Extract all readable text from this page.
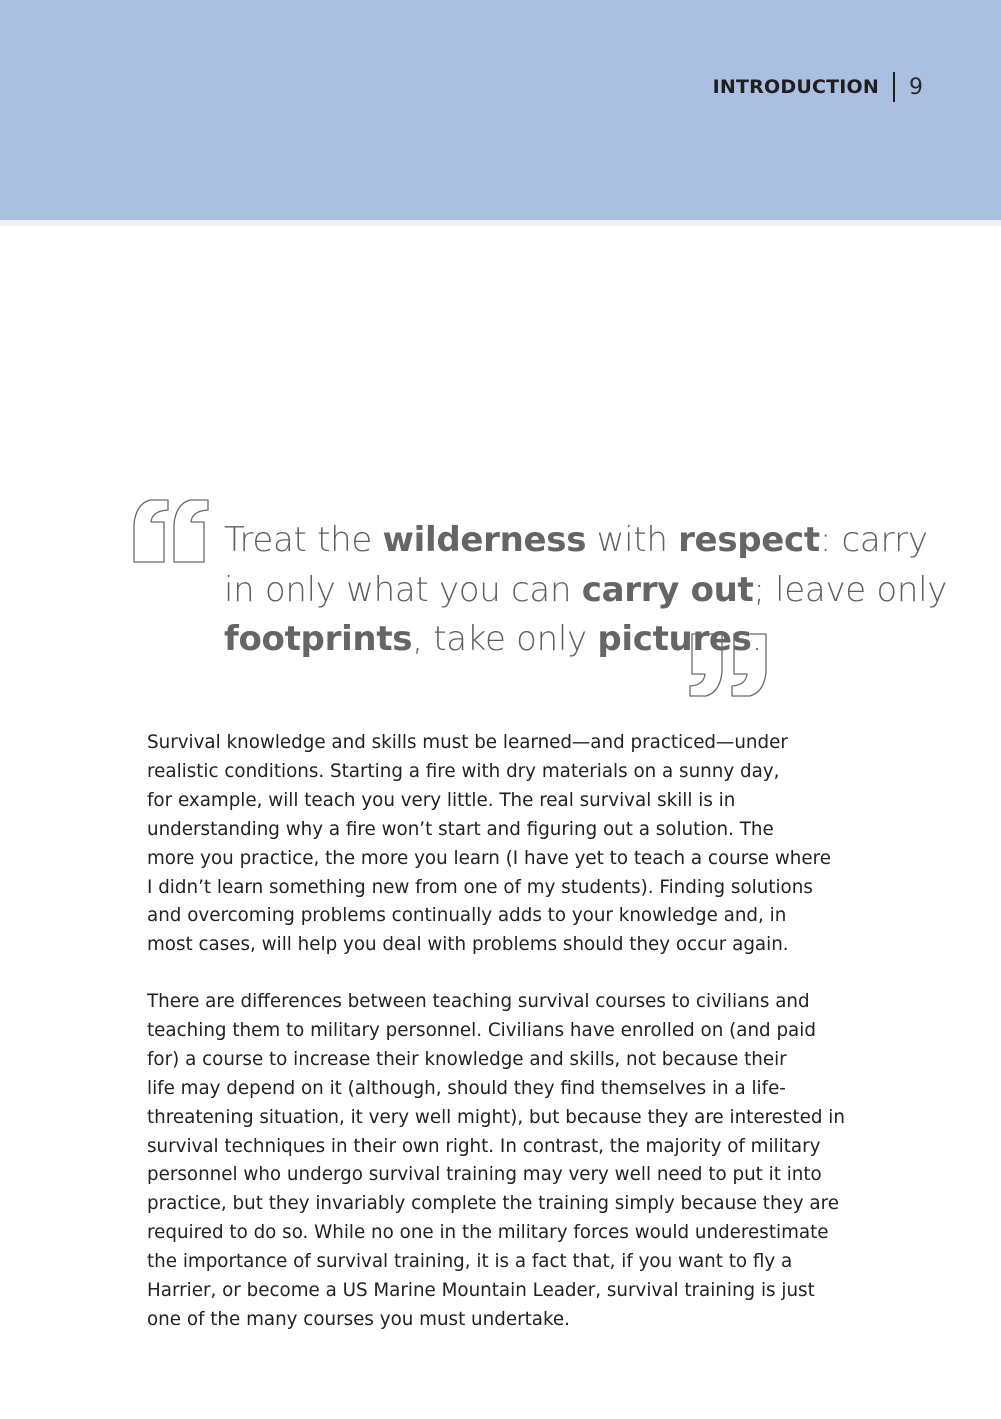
INTRODUCTION 9
Treat the wilderness with respect: carry
in only what you can carry out; leave only
footprints, take only pictures.

Survival knowledge and skills must be learned—and practiced—under
realistic conditions. Starting a fire with dry materials on a sunny day,
for example, will teach you very little. The real survival skill is in
understanding why a fire won’t start and figuring out a solution. The
more you practice, the more you learn (I have yet to teach a course where
I didn’t learn something new from one of my students). Finding solutions
and overcoming problems continually adds to your knowledge and, in
most cases, will help you deal with problems should they occur again.

There are differences between teaching survival courses to civilians and
teaching them to military personnel. Civilians have enrolled on (and paid
for) a course to increase their knowledge and skills, not because their
life may depend on it (although, should they find themselves in a life-
threatening situation, it very well might), but because they are interested in
survival techniques in their own right. In contrast, the majority of military
personnel who undergo survival training may very well need to put it into
practice, but they invariably complete the training simply because they are
required to do so. While no one in the military forces would underestimate
the importance of survival training, it is a fact that, if you want to fly a
Harrier, or become a US Marine Mountain Leader, survival training is just
one of the many courses you must undertake.
